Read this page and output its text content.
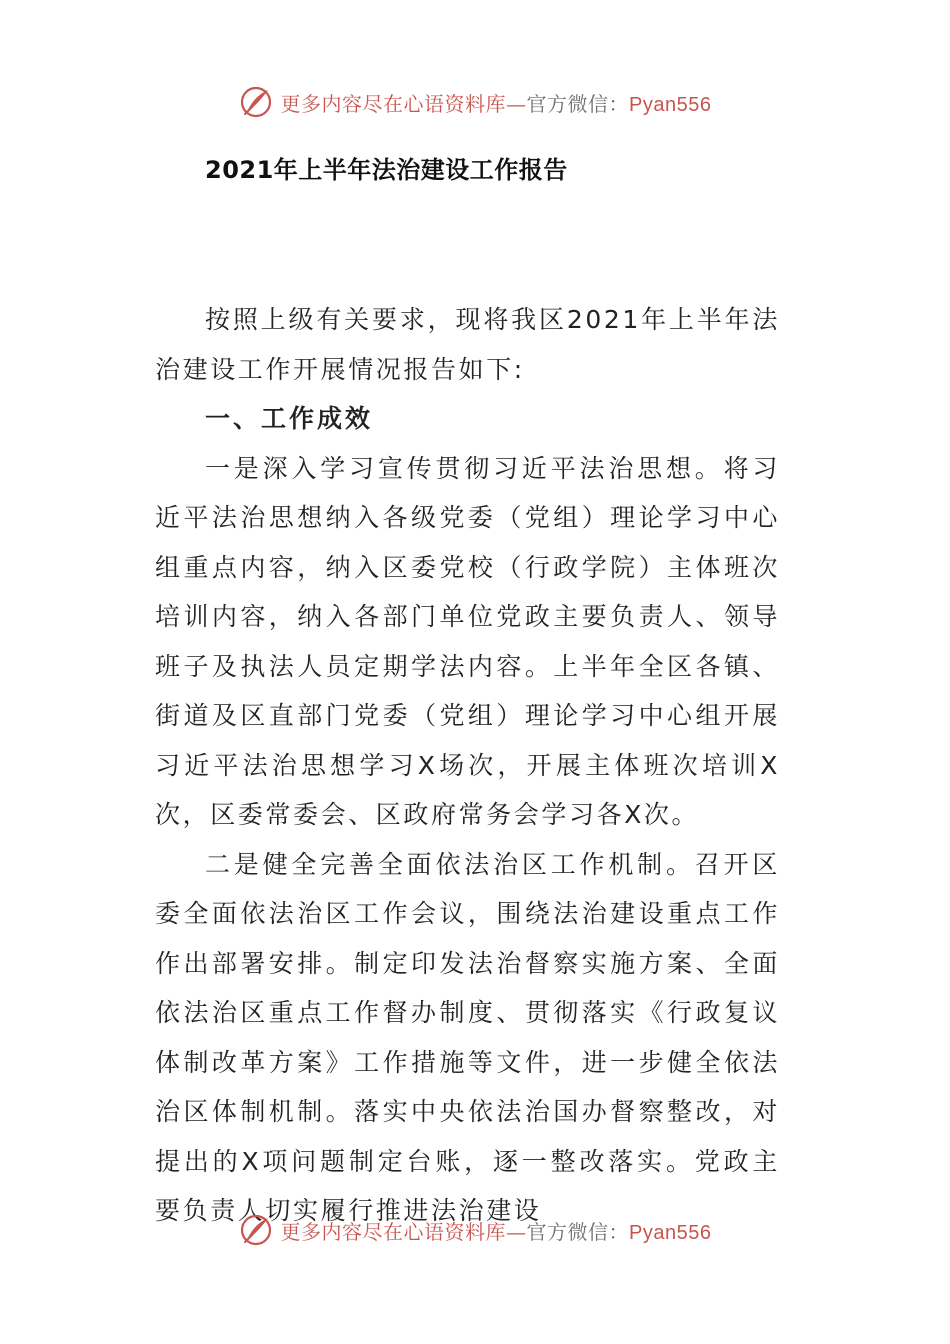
更多内容尽在心语资料库—官方微信：Pyan556
2021年上半年法治建设工作报告

按照上级有关要求，现将我区2021年上半年法治建设工作开展情况报告如下:

一、工作成效

一是深入学习宣传贯彻习近平法治思想。将习近平法治思想纳入各级党委（党组）理论学习中心组重点内容，纳入区委党校（行政学院）主体班次培训内容，纳入各部门单位党政主要负责人、领导班子及执法人员定期学法内容。上半年全区各镇、街道及区直部门党委（党组）理论学习中心组开展习近平法治思想学习X场次，开展主体班次培训X次，区委常委会、区政府常务会学习各X次。

二是健全完善全面依法治区工作机制。召开区委全面依法治区工作会议，围绕法治建设重点工作作出部署安排。制定印发法治督察实施方案、全面依法治区重点工作督办制度、贯彻落实《行政复议体制改革方案》工作措施等文件，进一步健全依法治区体制机制。落实中央依法治国办督察整改，对提出的X项问题制定台账，逐一整改落实。党政主要负责人切实履行推进法治建设

更多内容尽在心语资料库—官方微信：Pyan556
